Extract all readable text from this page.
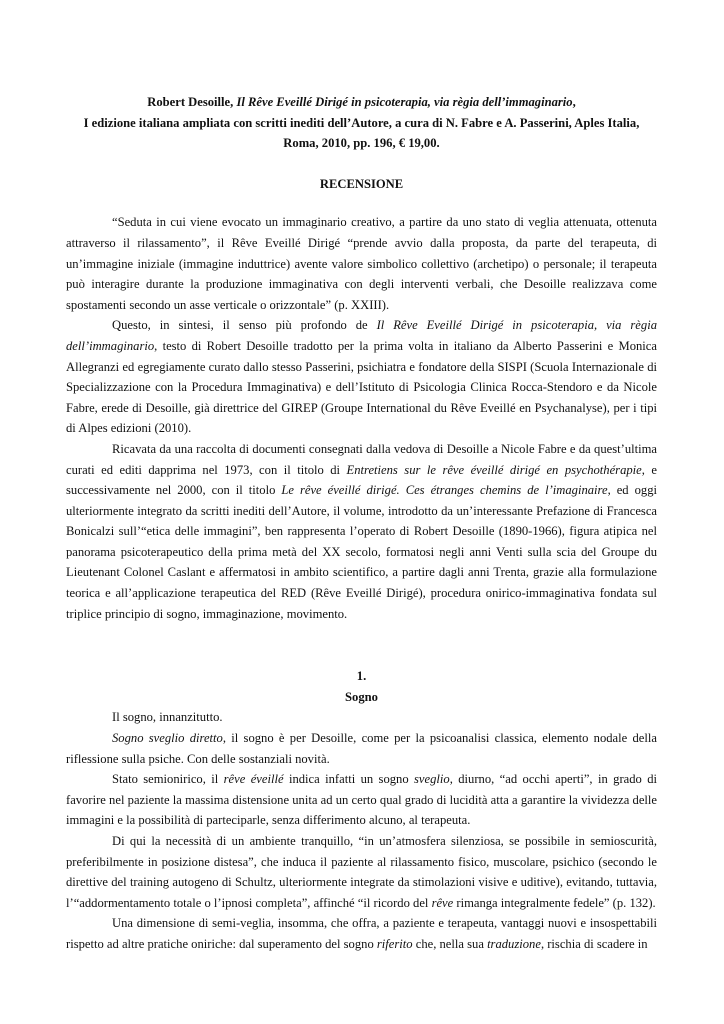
Robert Desoille, Il Rêve Eveillé Dirigé in psicoterapia, via règia dell’immaginario,

I edizione italiana ampliata con scritti inediti dell’Autore, a cura di N. Fabre e A. Passerini, Aples Italia, Roma, 2010, pp. 196, € 19,00.

RECENSIONE

“Seduta in cui viene evocato un immaginario creativo, a partire da uno stato di veglia attenuata, ottenuta attraverso il rilassamento”, il Rêve Eveillé Dirigé “prende avvio dalla proposta, da parte del terapeuta, di un’immagine iniziale (immagine induttrice) avente valore simbolico collettivo (archetipo) o personale; il terapeuta può interagire durante la produzione immaginativa con degli interventi verbali, che Desoille realizzava come spostamenti secondo un asse verticale o orizzontale” (p. XXIII).

Questo, in sintesi, il senso più profondo de Il Rêve Eveillé Dirigé in psicoterapia, via règia dell’immaginario, testo di Robert Desoille tradotto per la prima volta in italiano da Alberto Passerini e Monica Allegranzi ed egregiamente curato dallo stesso Passerini, psichiatra e fondatore della SISPI (Scuola Internazionale di Specializzazione con la Procedura Immaginativa) e dell’Istituto di Psicologia Clinica Rocca-Stendoro e da Nicole Fabre, erede di Desoille, già direttrice del GIREP (Groupe International du Rêve Eveillé en Psychanalyse), per i tipi di Alpes edizioni (2010).

Ricavata da una raccolta di documenti consegnati dalla vedova di Desoille a Nicole Fabre e da quest’ultima curati ed editi dapprima nel 1973, con il titolo di Entretiens sur le rêve éveillé dirigé en psychothérapie, e successivamente nel 2000, con il titolo Le rêve éveillé dirigé. Ces étranges chemins de l’imaginaire, ed oggi ulteriormente integrato da scritti inediti dell’Autore, il volume, introdotto da un’interessante Prefazione di Francesca Bonicalzi sull’“etica delle immagini”, ben rappresenta l’operato di Robert Desoille (1890-1966), figura atipica nel panorama psicoterapeutico della prima metà del XX secolo, formatosi negli anni Venti sulla scia del Groupe du Lieutenant Colonel Caslant e affermatosi in ambito scientifico, a partire dagli anni Trenta, grazie alla formulazione teorica e all’applicazione terapeutica del RED (Rêve Eveillé Dirigé), procedura onirico-immaginativa fondata sul triplice principio di sogno, immaginazione, movimento.

1.

Sogno

Il sogno, innanzitutto.

Sogno sveglio diretto, il sogno è per Desoille, come per la psicoanalisi classica, elemento nodale della riflessione sulla psiche. Con delle sostanziali novità.

Stato semionirico, il rêve éveillé indica infatti un sogno sveglio, diurno, “ad occhi aperti”, in grado di favorire nel paziente la massima distensione unita ad un certo qual grado di lucidità atta a garantire la vividezza delle immagini e la possibilità di parteciparle, senza differimento alcuno, al terapeuta.

Di qui la necessità di un ambiente tranquillo, “in un’atmosfera silenziosa, se possibile in semioscurità, preferibilmente in posizione distesa”, che induca il paziente al rilassamento fisico, muscolare, psichico (secondo le direttive del training autogeno di Schultz, ulteriormente integrate da stimolazioni visive e uditive), evitando, tuttavia, l’“addormentamento totale o l’ipnosi completa”, affinché “il ricordo del rêve rimanga integralmente fedele” (p. 132).

Una dimensione di semi-veglia, insomma, che offra, a paziente e terapeuta, vantaggi nuovi e insospettabili rispetto ad altre pratiche oniriche: dal superamento del sogno riferito che, nella sua traduzione, rischia di scadere in
